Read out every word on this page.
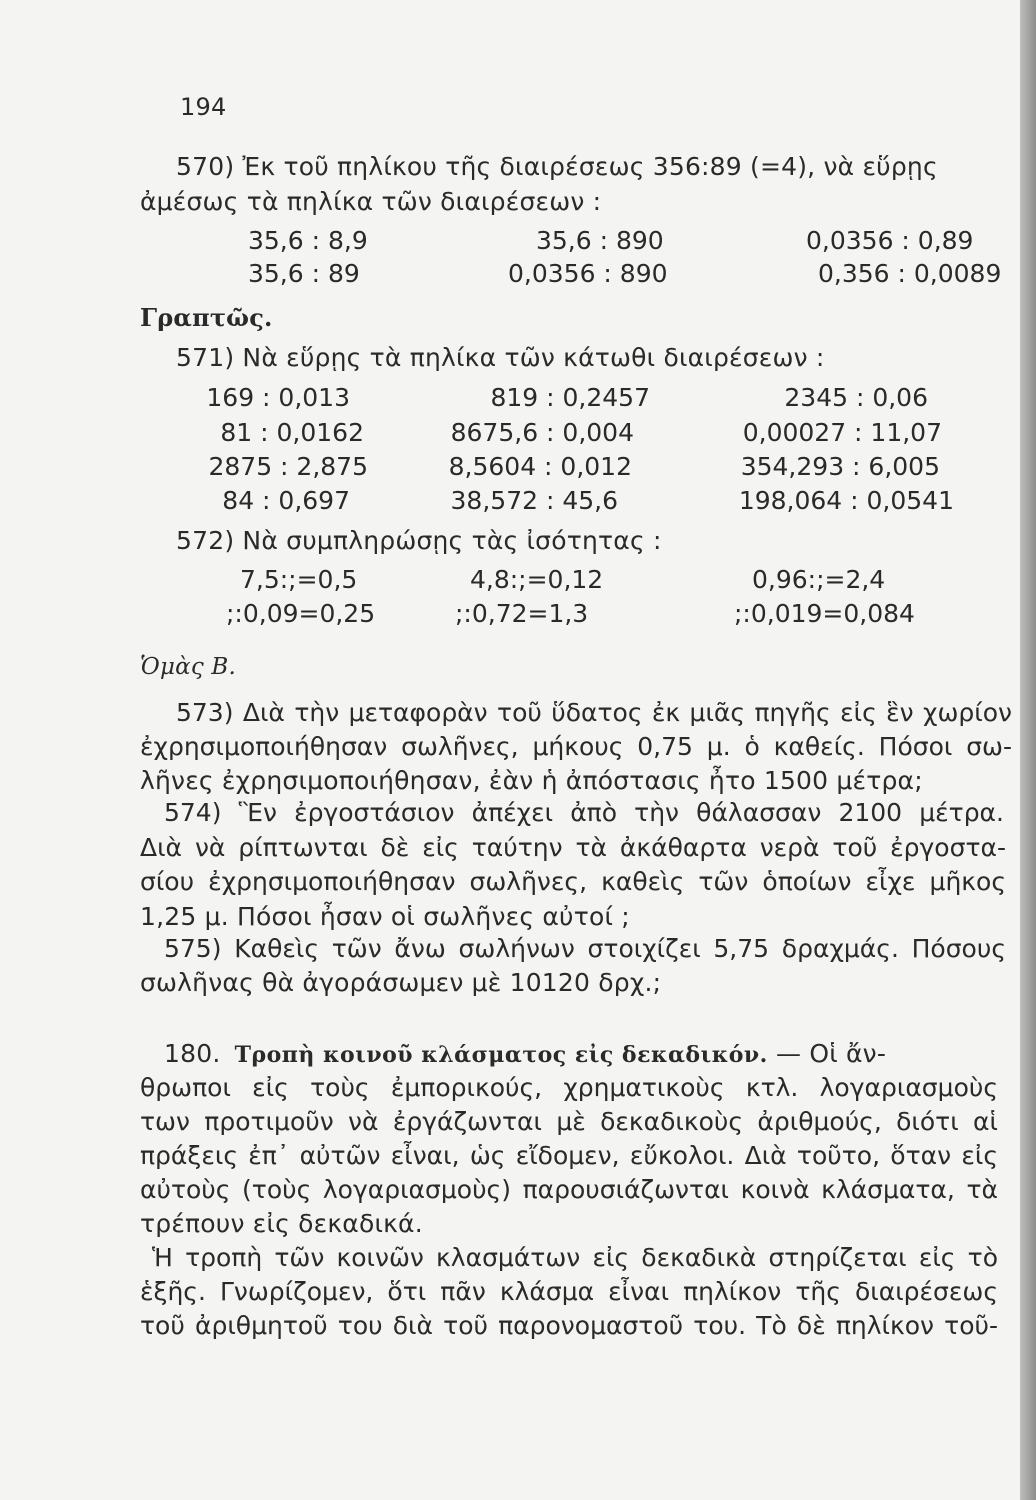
194
570) Ἐκ τοῦ πηλίκου τῆς διαιρέσεως 356:89 (=4), νὰ εὕρῃς
ἀμέσως τὰ πηλίκα τῶν διαιρέσεων :
35,6 : 8,9	35,6 : 890	0,0356 : 0,89
35,6 : 89	0,0356 : 890	0,356 : 0,0089
Γραπτῶς.
571) Νὰ εὕρῃς τὰ πηλίκα τῶν κάτωθι διαιρέσεων :
169 : 0,013	819 : 0,2457	2345 : 0,06
81 : 0,0162	8675,6 : 0,004	0,00027 : 11,07
2875 : 2,875	8,5604 : 0,012	354,293 : 6,005
84 : 0,697	38,572 : 45,6	198,064 : 0,0541
572) Νὰ συμπληρώσῃς τὰς ἰσότητας :
7,5:;=0,5	4,8:;=0,12	0,96:;=2,4
;:0,09=0,25	;:0,72=1,3	;:0,019=0,084
Ὁμὰς Β.
573) Διὰ τὴν μεταφορὰν τοῦ ὕδατος ἐκ μιᾶς πηγῆς εἰς ἓν χωρίον
ἐχρησιμοποιήθησαν σωλῆνες, μήκους 0,75 μ. ὁ καθείς. Πόσοι σω-
λῆνες ἐχρησιμοποιήθησαν, ἐὰν ἡ ἀπόστασις ἦτο 1500 μέτρα;
574) Ἓν ἐργοστάσιον ἀπέχει ἀπὸ τὴν θάλασσαν 2100 μέτρα.
Διὰ νὰ ρίπτωνται δὲ εἰς ταύτην τὰ ἀκάθαρτα νερὰ τοῦ ἐργοστα-
σίου ἐχρησιμοποιήθησαν σωλῆνες, καθεὶς τῶν ὁποίων εἶχε μῆκος
1,25 μ. Πόσοι ἦσαν οἱ σωλῆνες αὐτοί ;
575) Καθεὶς τῶν ἄνω σωλήνων στοιχίζει 5,75 δραχμάς. Πόσους
σωλῆνας θὰ ἀγοράσωμεν μὲ 10120 δρχ.;
180. Τροπὴ κοινοῦ κλάσματος εἰς δεκαδικόν. — Οἱ ἄν-
θρωποι εἰς τοὺς ἐμπορικούς, χρηματικοὺς κτλ. λογαριασμοὺς
των προτιμοῦν νὰ ἐργάζωνται μὲ δεκαδικοὺς ἀριθμούς, διότι αἱ
πράξεις ἐπ᾽ αὐτῶν εἶναι, ὡς εἴδομεν, εὔκολοι. Διὰ τοῦτο, ὅταν εἰς
αὐτοὺς (τοὺς λογαριασμοὺς) παρουσιάζωνται κοινὰ κλάσματα, τὰ
τρέπουν εἰς δεκαδικά.
Ἡ τροπὴ τῶν κοινῶν κλασμάτων εἰς δεκαδικὰ στηρίζεται εἰς τὸ
ἑξῆς. Γνωρίζομεν, ὅτι πᾶν κλάσμα εἶναι πηλίκον τῆς διαιρέσεως
τοῦ ἀριθμητοῦ του διὰ τοῦ παρονομαστοῦ του. Τὸ δὲ πηλίκον τοῦ-
